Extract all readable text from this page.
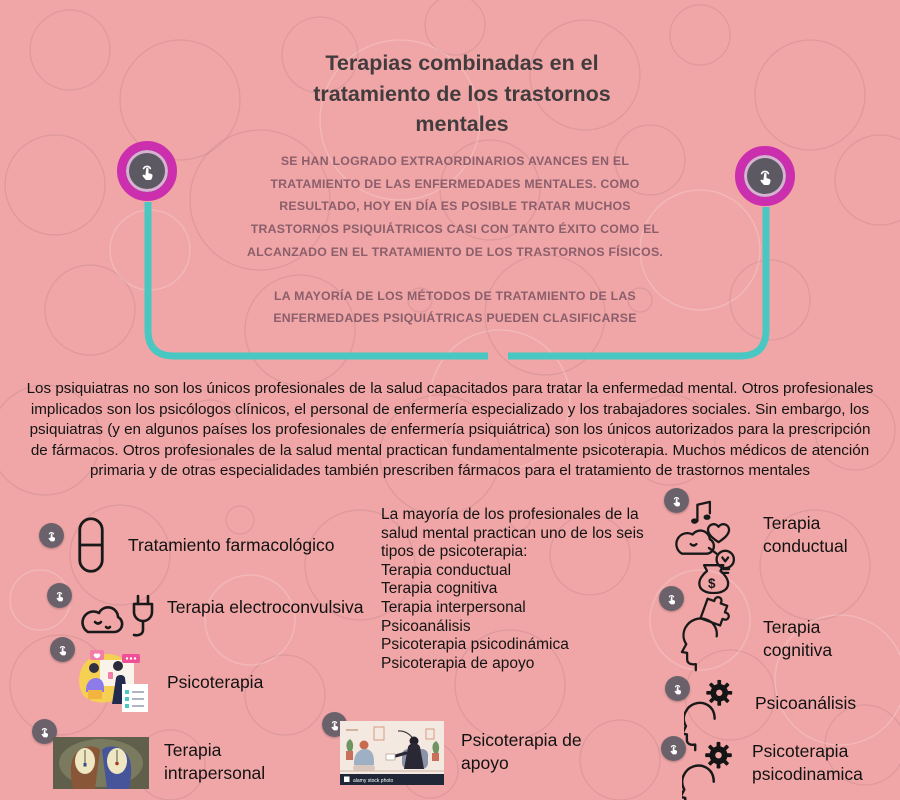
Terapias combinadas en el tratamiento de los trastornos mentales

SE HAN LOGRADO EXTRAORDINARIOS AVANCES EN EL TRATAMIENTO DE LAS ENFERMEDADES MENTALES. COMO RESULTADO, HOY EN DÍA ES POSIBLE TRATAR MUCHOS TRASTORNOS PSIQUIÁTRICOS CASI CON TANTO ÉXITO COMO EL ALCANZADO EN EL TRATAMIENTO DE LOS TRASTORNOS FÍSICOS.

LA MAYORÍA DE LOS MÉTODOS DE TRATAMIENTO DE LAS ENFERMEDADES PSIQUIÁTRICAS PUEDEN CLASIFICARSE

Los psiquiatras no son los únicos profesionales de la salud capacitados para tratar la enfermedad mental. Otros profesionales implicados son los psicólogos clínicos, el personal de enfermería especializado y los trabajadores sociales. Sin embargo, los psiquiatras (y en algunos países los profesionales de enfermería psiquiátrica) son los únicos autorizados para la prescripción de fármacos. Otros profesionales de la salud mental practican fundamentalmente psicoterapia. Muchos médicos de atención primaria y de otras especialidades también prescriben fármacos para el tratamiento de trastornos mentales
Tratamiento farmacológico
Terapia electroconvulsiva
Psicoterapia
Terapia intrapersonal
La mayoría de los profesionales de la salud mental practican uno de los seis tipos de psicoterapia:
Terapia conductual
Terapia cognitiva
Terapia interpersonal
Psicoanálisis
Psicoterapia psicodinámica
Psicoterapia de apoyo
alamy stock photo
Psicoterapia de apoyo
$
Terapia conductual
Terapia cognitiva
Psicoanálisis
Psicoterapia psicodinamica
